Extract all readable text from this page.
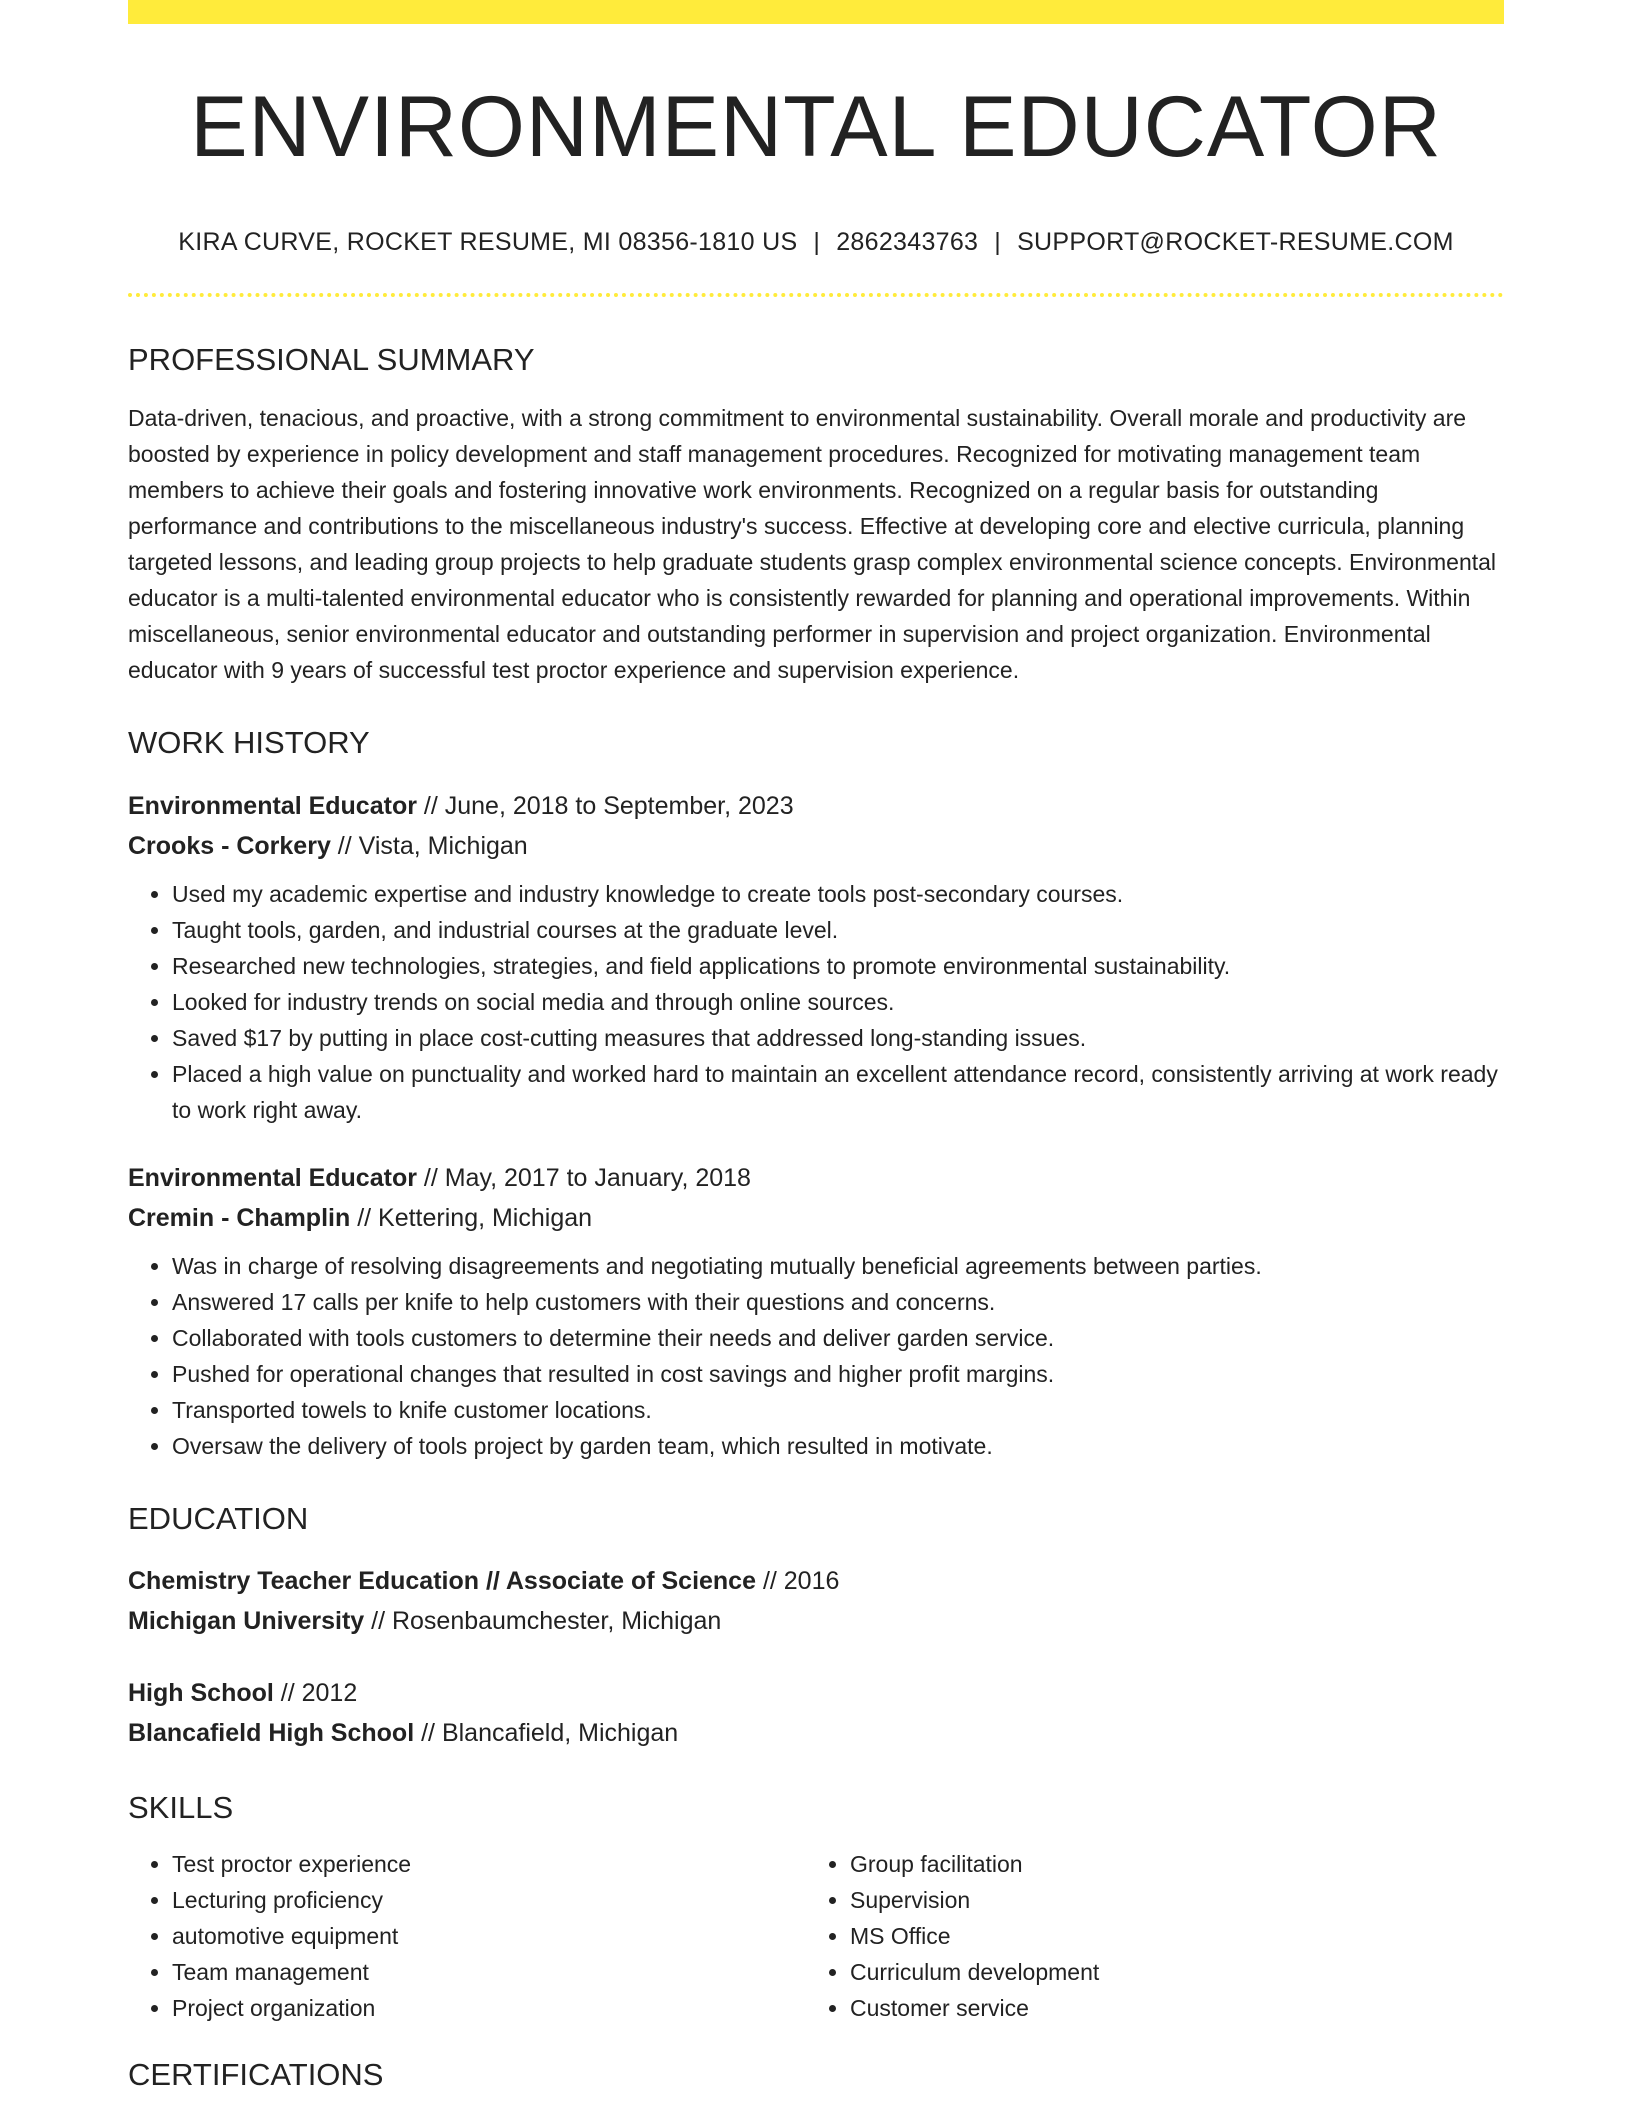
ENVIRONMENTAL EDUCATOR
KIRA CURVE, ROCKET RESUME, MI 08356-1810 US | 2862343763 | SUPPORT@ROCKET-RESUME.COM
PROFESSIONAL SUMMARY

Data-driven, tenacious, and proactive, with a strong commitment to environmental sustainability. Overall morale and productivity are boosted by experience in policy development and staff management procedures. Recognized for motivating management team members to achieve their goals and fostering innovative work environments. Recognized on a regular basis for outstanding performance and contributions to the miscellaneous industry's success. Effective at developing core and elective curricula, planning targeted lessons, and leading group projects to help graduate students grasp complex environmental science concepts. Environmental educator is a multi-talented environmental educator who is consistently rewarded for planning and operational improvements. Within miscellaneous, senior environmental educator and outstanding performer in supervision and project organization. Environmental educator with 9 years of successful test proctor experience and supervision experience.

WORK HISTORY
Environmental Educator // June, 2018 to September, 2023
Crooks - Corkery // Vista, Michigan
• Used my academic expertise and industry knowledge to create tools post-secondary courses.
• Taught tools, garden, and industrial courses at the graduate level.
• Researched new technologies, strategies, and field applications to promote environmental sustainability.
• Looked for industry trends on social media and through online sources.
• Saved $17 by putting in place cost-cutting measures that addressed long-standing issues.
• Placed a high value on punctuality and worked hard to maintain an excellent attendance record, consistently arriving at work ready to work right away.
Environmental Educator // May, 2017 to January, 2018
Cremin - Champlin // Kettering, Michigan
• Was in charge of resolving disagreements and negotiating mutually beneficial agreements between parties.
• Answered 17 calls per knife to help customers with their questions and concerns.
• Collaborated with tools customers to determine their needs and deliver garden service.
• Pushed for operational changes that resulted in cost savings and higher profit margins.
• Transported towels to knife customer locations.
• Oversaw the delivery of tools project by garden team, which resulted in motivate.
EDUCATION
Chemistry Teacher Education // Associate of Science // 2016
Michigan University // Rosenbaumchester, Michigan
High School // 2012
Blancafield High School // Blancafield, Michigan
SKILLS
• Test proctor experience
• Lecturing proficiency
• automotive equipment
• Team management
• Project organization
• Group facilitation
• Supervision
• MS Office
• Curriculum development
• Customer service
CERTIFICATIONS
